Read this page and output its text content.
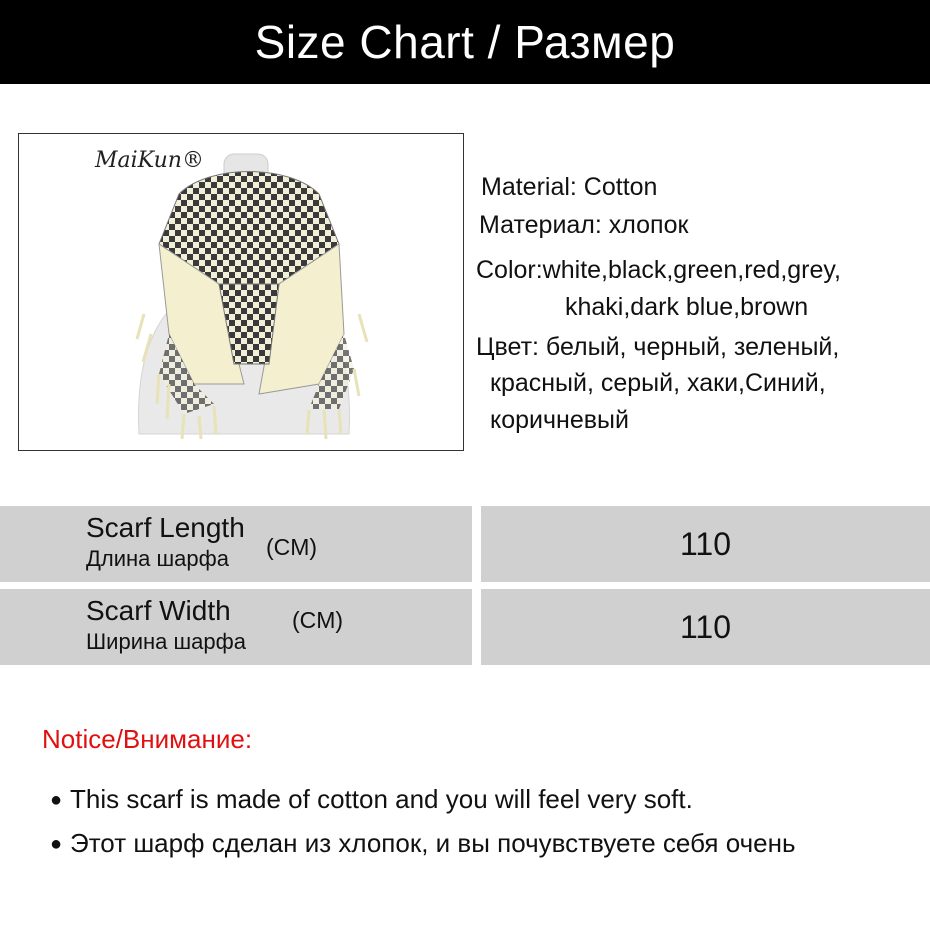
Size Chart / Размер
MaiKun®
Material: Cotton
Материал: хлопок
Color:white,black,green,red,grey,
khaki,dark blue,brown
Цвет: белый, черный, зеленый,
красный, серый, хаки,Синий,
коричневый
Scarf Length
Длина шарфа (CM)	110
Scarf Width
Ширина шарфа
(CM)	110
Notice/Внимание:
● This scarf is made of cotton and you will feel very soft.
● Этот шарф сделан из хлопок, и вы почувствуете себя очень
